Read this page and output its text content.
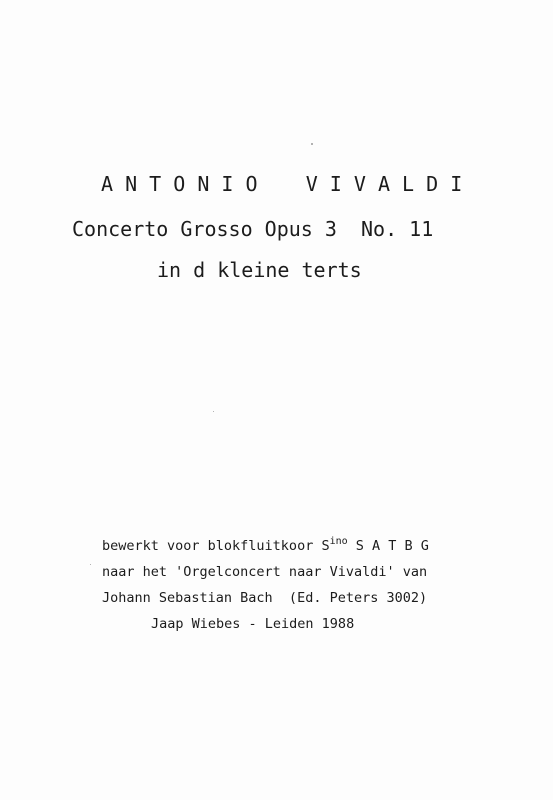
A N T O N I O    V I V A L D I
Concerto Grosso Opus 3  No. 11
in d kleine terts
bewerkt voor blokfluitkoor $S^{ino}$ S A T B G
naar het 'Orgelconcert naar Vivaldi' van
Johann Sebastian Bach  (Ed. Peters 3002)
Jaap Wiebes - Leiden 1988
